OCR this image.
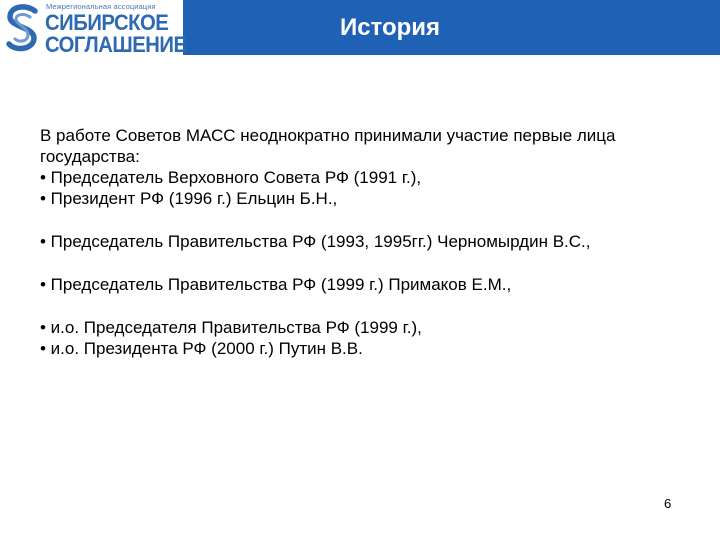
Межрегиональная ассоциация
СИБИРСКОЕ
СОГЛАШЕНИЕ
История

В работе Советов МАСС неоднократно принимали участие первые лица государства:

• Председатель Верховного Совета РФ (1991 г.),

• Президент РФ (1996 г.) Ельцин Б.Н.,

• Председатель Правительства РФ (1993, 1995гг.) Черномырдин В.С.,

• Председатель Правительства РФ (1999 г.) Примаков Е.М.,

• и.о. Председателя Правительства РФ (1999 г.),

• и.о. Президента РФ (2000 г.) Путин В.В.

6
